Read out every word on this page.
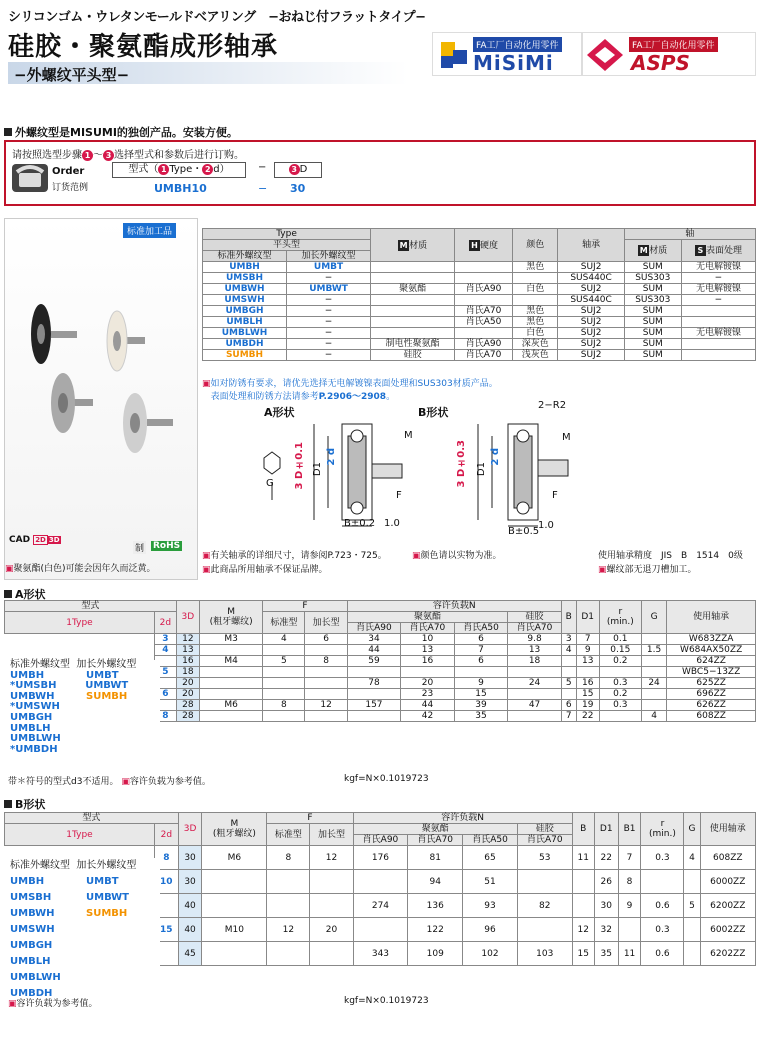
シリコンゴム・ウレタンモールドベアリング　−おねじ付フラットタイプ−
硅胶・聚氨酯成形轴承
−外螺纹平头型−
FA工厂自动化用零件
MiSiMi
FA工厂自动化用零件
ASPS
外螺纹型是MISUMI的独创产品。安装方便。
请按照选型步骤 1 〜 3 选择型式和参数后进行订购。
Order
订货范例
型式（ 1 Type・ 2 d）	−	3 D
UMBH10	− 30
标准加工品
CAD 2D 3D
制 RoHS
▣聚氨酯(白色)可能会因年久而泛黄。
Type		M 材质	H 硬度	颜色	轴承	轴	
平头型						M 材质	S 表面处理
标准外螺纹型	加长外螺纹型						
UMBH	UMBT			黑色	SUJ2	SUM	无电解镀镍
UMSBH	−				SUS440C	SUS303	−
UMBWH	UMBWT	聚氨酯	肖氏A90	白色	SUJ2	SUM	无电解镀镍
UMSWH	−				SUS440C	SUS303	−
UMBGH	−		肖氏A70	黑色	SUJ2	SUM	
UMBLH	−		肖氏A50	黑色	SUJ2	SUM	
UMBLWH	−			白色	SUJ2	SUM	无电解镀镍
UMBDH	−	制电性聚氨酯	肖氏A90	深灰色	SUJ2	SUM	
SUMBH	−	硅胶	肖氏A70	浅灰色	SUJ2	SUM	
▣如对防锈有要求，请优先选择无电解镀镍表面处理和SUS303材质产品。
表面处理和防锈方法请参考P.2906〜2908。
A形状	B形状
2−R2
M	M
G
F	F
D1	D1
3 D±0.1 2 d	3 D±0.3 2 d
B±0.2 1.0
B±0.5
1.0
▣有关轴承的详细尺寸，请参阅P.723・725。	▣颜色请以实物为准。	使用轴承精度　JIS　B　1514　0级
▣此商品所用轴承不保证品牌。	▣螺纹部无退刀槽加工。
A形状
型式		3D	M
(粗牙螺纹)	F		容许负载N				B	D1	r
(min.)	G	使用轴承
1Type	2d			标准型	加长型	聚氨酯			硅胶					
						肖氏A90	肖氏A70	肖氏A50	肖氏A70					
	3	12	M3	4	6	34	10	6	9.8	3	7	0.1		W683ZZA
	4	13				44	13	7	13	4	9	0.15	1.5	W684AX50ZZ
		16	M4	5	8	59	16	6	18		13	0.2		624ZZ
	5	18												WBC5−13ZZ
		20				78	20	9	24	5	16	0.3	24	625ZZ
	6	20					23	15			15	0.2		696ZZ
		28	M6	8	12	157	44	39	47	6	19	0.3		626ZZ
	8	28					42	35		7	22		4	608ZZ
标准外螺纹型 加长外螺纹型
UMBH	UMBT
*UMSBH	UMBWT
UMBWH	SUMBH
*UMSWH
UMBGH
UMBLH
UMBLWH
*UMBDH
带＊符号的型式d3不适用。 ▣容许负载为参考值。	kgf=N×0.1019723
B形状
型式		3D	M
(粗牙螺纹)	F		容许负载N				B	D1	B1	r
(min.)	G	使用轴承
1Type	2d			标准型	加长型	聚氨酯			硅胶						
						肖氏A90	肖氏A70	肖氏A50	肖氏A70						
	8	30	M6	8	12	176	81	65	53	11	22	7	0.3	4	608ZZ
	10	30					94	51			26	8			6000ZZ
		40				274	136	93	82		30	9	0.6	5	6200ZZ
	15	40	M10	12	20		122	96		12	32		0.3		6002ZZ
		45				343	109	102	103	15	35	11	0.6		6202ZZ
标准外螺纹型 加长外螺纹型
UMBH	UMBT
UMSBH	UMBWT
UMBWH	SUMBH
UMSWH
UMBGH
UMBLH
UMBLWH
UMBDH
▣容许负载为参考值。	kgf=N×0.1019723
